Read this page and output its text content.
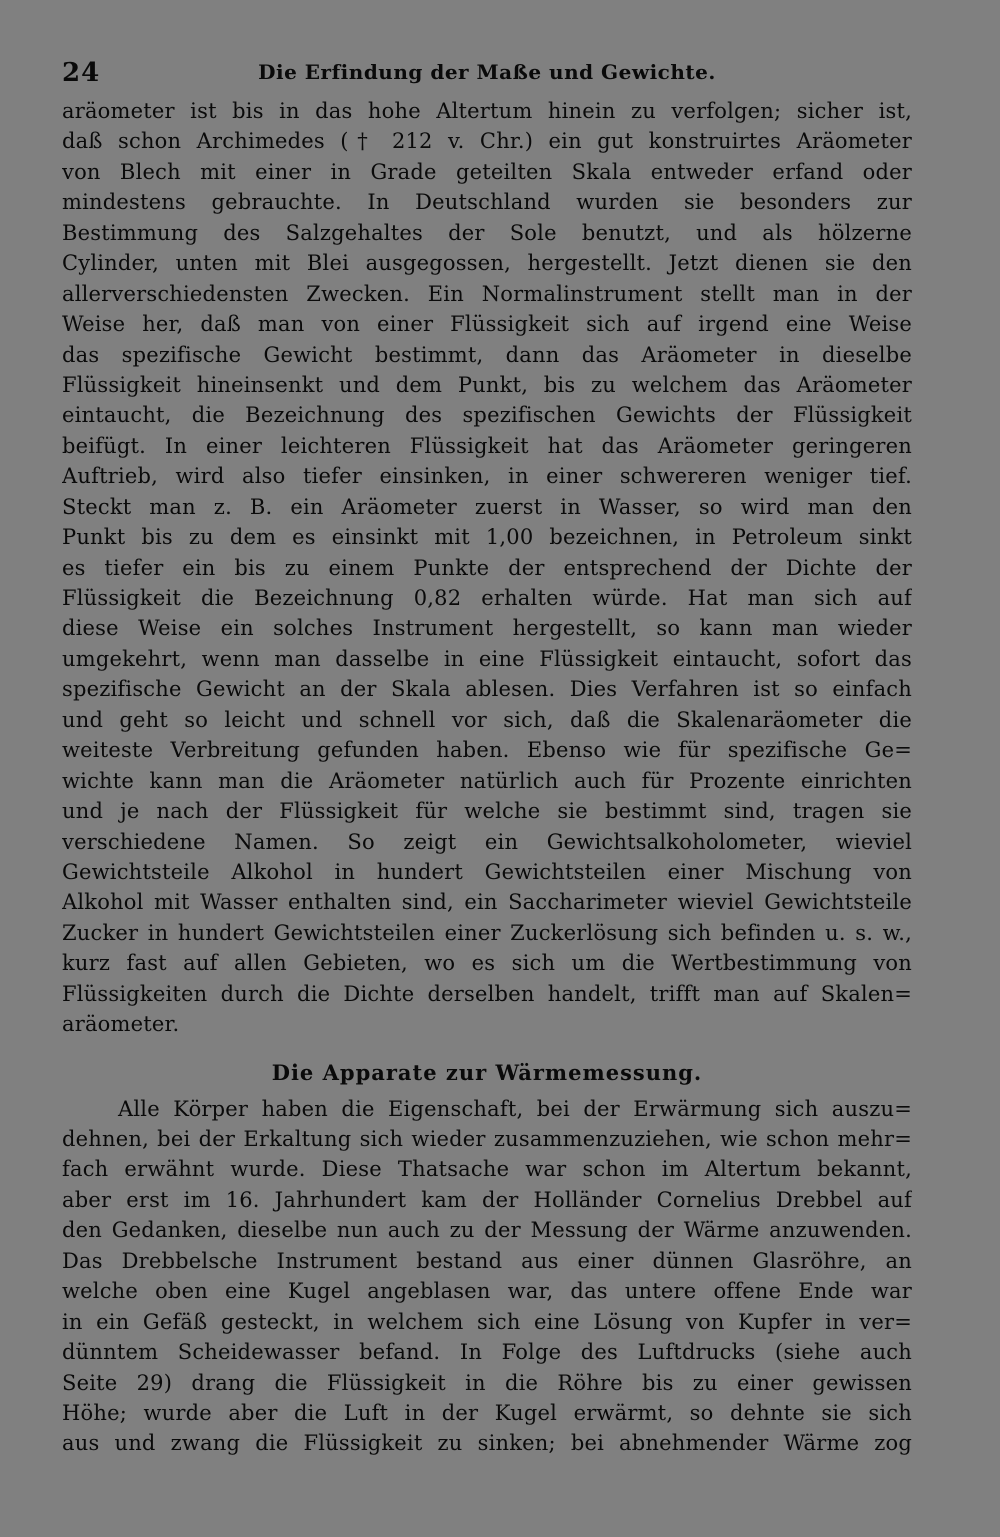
24	Die Erfindung der Maße und Gewichte.
aräometer ist bis in das hohe Altertum hinein zu verfolgen; sicher ist,
daß schon Archimedes († 212 v. Chr.) ein gut konstruirtes Aräometer
von Blech mit einer in Grade geteilten Skala entweder erfand oder
mindestens gebrauchte. In Deutschland wurden sie besonders zur
Bestimmung des Salzgehaltes der Sole benutzt, und als hölzerne
Cylinder, unten mit Blei ausgegossen, hergestellt. Jetzt dienen sie den
allerverschiedensten Zwecken. Ein Normalinstrument stellt man in der
Weise her, daß man von einer Flüssigkeit sich auf irgend eine Weise
das spezifische Gewicht bestimmt, dann das Aräometer in dieselbe
Flüssigkeit hineinsenkt und dem Punkt, bis zu welchem das Aräometer
eintaucht, die Bezeichnung des spezifischen Gewichts der Flüssigkeit
beifügt. In einer leichteren Flüssigkeit hat das Aräometer geringeren
Auftrieb, wird also tiefer einsinken, in einer schwereren weniger tief.
Steckt man z. B. ein Aräometer zuerst in Wasser, so wird man den
Punkt bis zu dem es einsinkt mit 1,00 bezeichnen, in Petroleum sinkt
es tiefer ein bis zu einem Punkte der entsprechend der Dichte der
Flüssigkeit die Bezeichnung 0,82 erhalten würde. Hat man sich auf
diese Weise ein solches Instrument hergestellt, so kann man wieder
umgekehrt, wenn man dasselbe in eine Flüssigkeit eintaucht, sofort das
spezifische Gewicht an der Skala ablesen. Dies Verfahren ist so einfach
und geht so leicht und schnell vor sich, daß die Skalenaräometer die
weiteste Verbreitung gefunden haben. Ebenso wie für spezifische Ge=
wichte kann man die Aräometer natürlich auch für Prozente einrichten
und je nach der Flüssigkeit für welche sie bestimmt sind, tragen sie
verschiedene Namen. So zeigt ein Gewichtsalkoholometer, wieviel
Gewichtsteile Alkohol in hundert Gewichtsteilen einer Mischung von
Alkohol mit Wasser enthalten sind, ein Saccharimeter wieviel Gewichtsteile
Zucker in hundert Gewichtsteilen einer Zuckerlösung sich befinden u. s. w.,
kurz fast auf allen Gebieten, wo es sich um die Wertbestimmung von
Flüssigkeiten durch die Dichte derselben handelt, trifft man auf Skalen=
aräometer.
Die Apparate zur Wärmemessung.
Alle Körper haben die Eigenschaft, bei der Erwärmung sich auszu=
dehnen, bei der Erkaltung sich wieder zusammenzuziehen, wie schon mehr=
fach erwähnt wurde. Diese Thatsache war schon im Altertum bekannt,
aber erst im 16. Jahrhundert kam der Holländer Cornelius Drebbel auf
den Gedanken, dieselbe nun auch zu der Messung der Wärme anzuwenden.
Das Drebbelsche Instrument bestand aus einer dünnen Glasröhre, an
welche oben eine Kugel angeblasen war, das untere offene Ende war
in ein Gefäß gesteckt, in welchem sich eine Lösung von Kupfer in ver=
dünntem Scheidewasser befand. In Folge des Luftdrucks (siehe auch
Seite 29) drang die Flüssigkeit in die Röhre bis zu einer gewissen
Höhe; wurde aber die Luft in der Kugel erwärmt, so dehnte sie sich
aus und zwang die Flüssigkeit zu sinken; bei abnehmender Wärme zog
